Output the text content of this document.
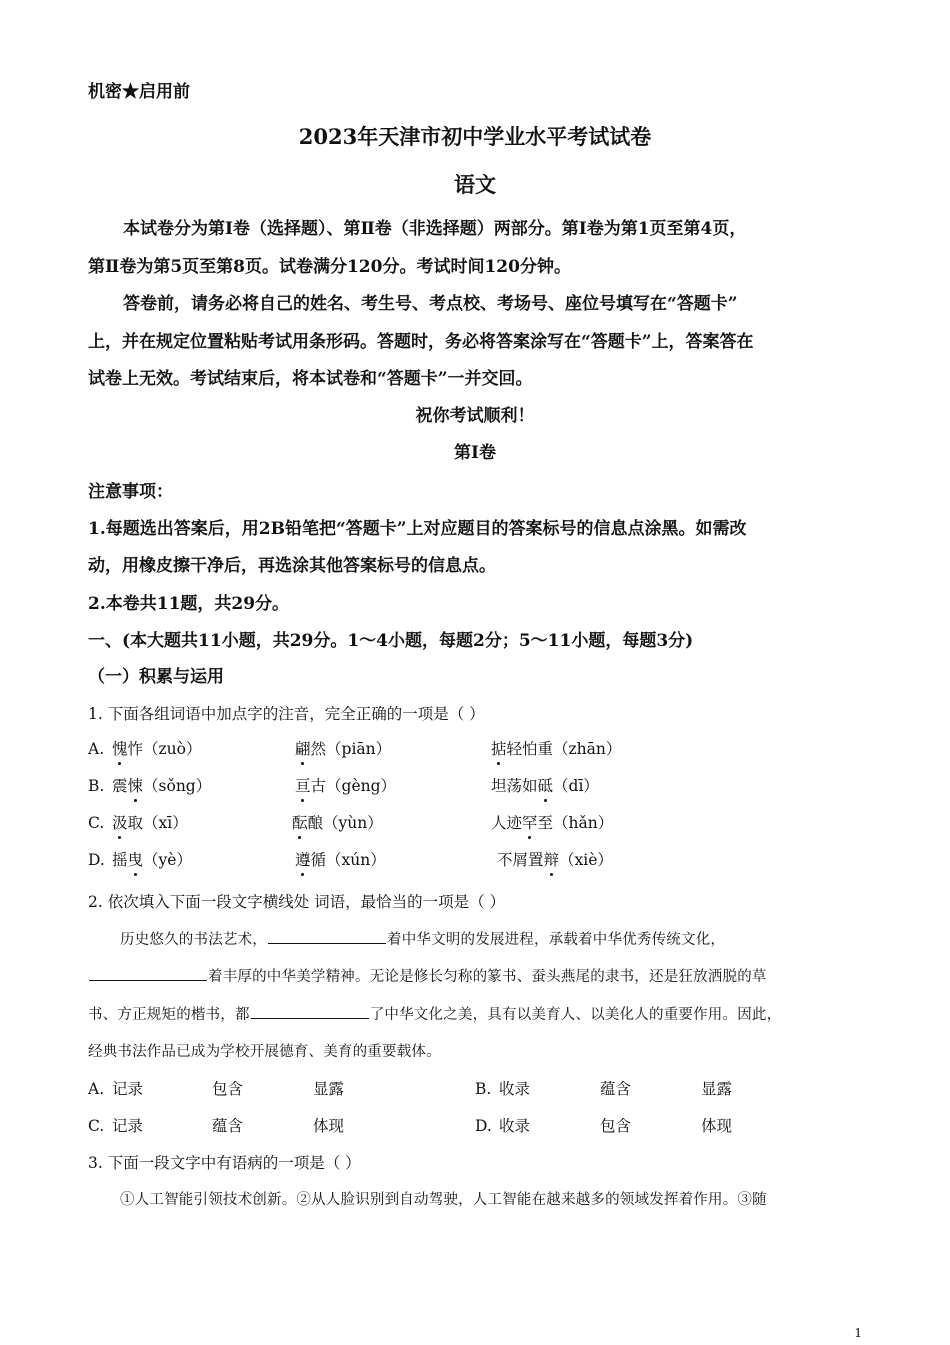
机密★启用前
2023年天津市初中学业水平考试试卷
语文
本试卷分为第Ⅰ卷（选择题）、第Ⅱ卷（非选择题）两部分。第Ⅰ卷为第1页至第4页，
第Ⅱ卷为第5页至第8页。试卷满分120分。考试时间120分钟。
答卷前，请务必将自己的姓名、考生号、考点校、考场号、座位号填写在“答题卡”
上，并在规定位置粘贴考试用条形码。答题时，务必将答案涂写在“答题卡”上，答案答在
试卷上无效。考试结束后，将本试卷和“答题卡”一并交回。
祝你考试顺利！
第Ⅰ卷
注意事项：
1.每题选出答案后，用2B铅笔把“答题卡”上对应题目的答案标号的信息点涂黑。如需改
动，用橡皮擦干净后，再选涂其他答案标号的信息点。
2.本卷共11题，共29分。
一、(本大题共11小题，共29分。1～4小题，每题2分；5～11小题，每题3分)
（一）积累与运用
1. 下面各组词语中加点字的注音，完全正确的一项是（ ）
A. 愧怍（zuò）	翩然（piān）	掂轻怕重（zhān）
B. 震悚（sǒng）	亘古（gèng）	坦荡如砥（dī）
C. 汲取（xī）	酝酿（yùn）	人迹罕至（hǎn）
D. 摇曳（yè）	遵循（xún）	不屑置辩（xiè）
2. 依次填入下面一段文字横线处 词语，最恰当的一项是（ ）
历史悠久的书法艺术，	着中华文明的发展进程，承载着中华优秀传统文化，
着丰厚的中华美学精神。无论是修长匀称的篆书、蚕头燕尾的隶书，还是狂放洒脱的草
书、方正规矩的楷书，都	了中华文化之美，具有以美育人、以美化人的重要作用。因此，
经典书法作品已成为学校开展德育、美育的重要载体。
A. 记录	包含	显露	B. 收录	蕴含	显露
C. 记录	蕴含	体现	D. 收录	包含	体现
3. 下面一段文字中有语病的一项是（ ）
①人工智能引领技术创新。②从人脸识别到自动驾驶，人工智能在越来越多的领域发挥着作用。③随
1
